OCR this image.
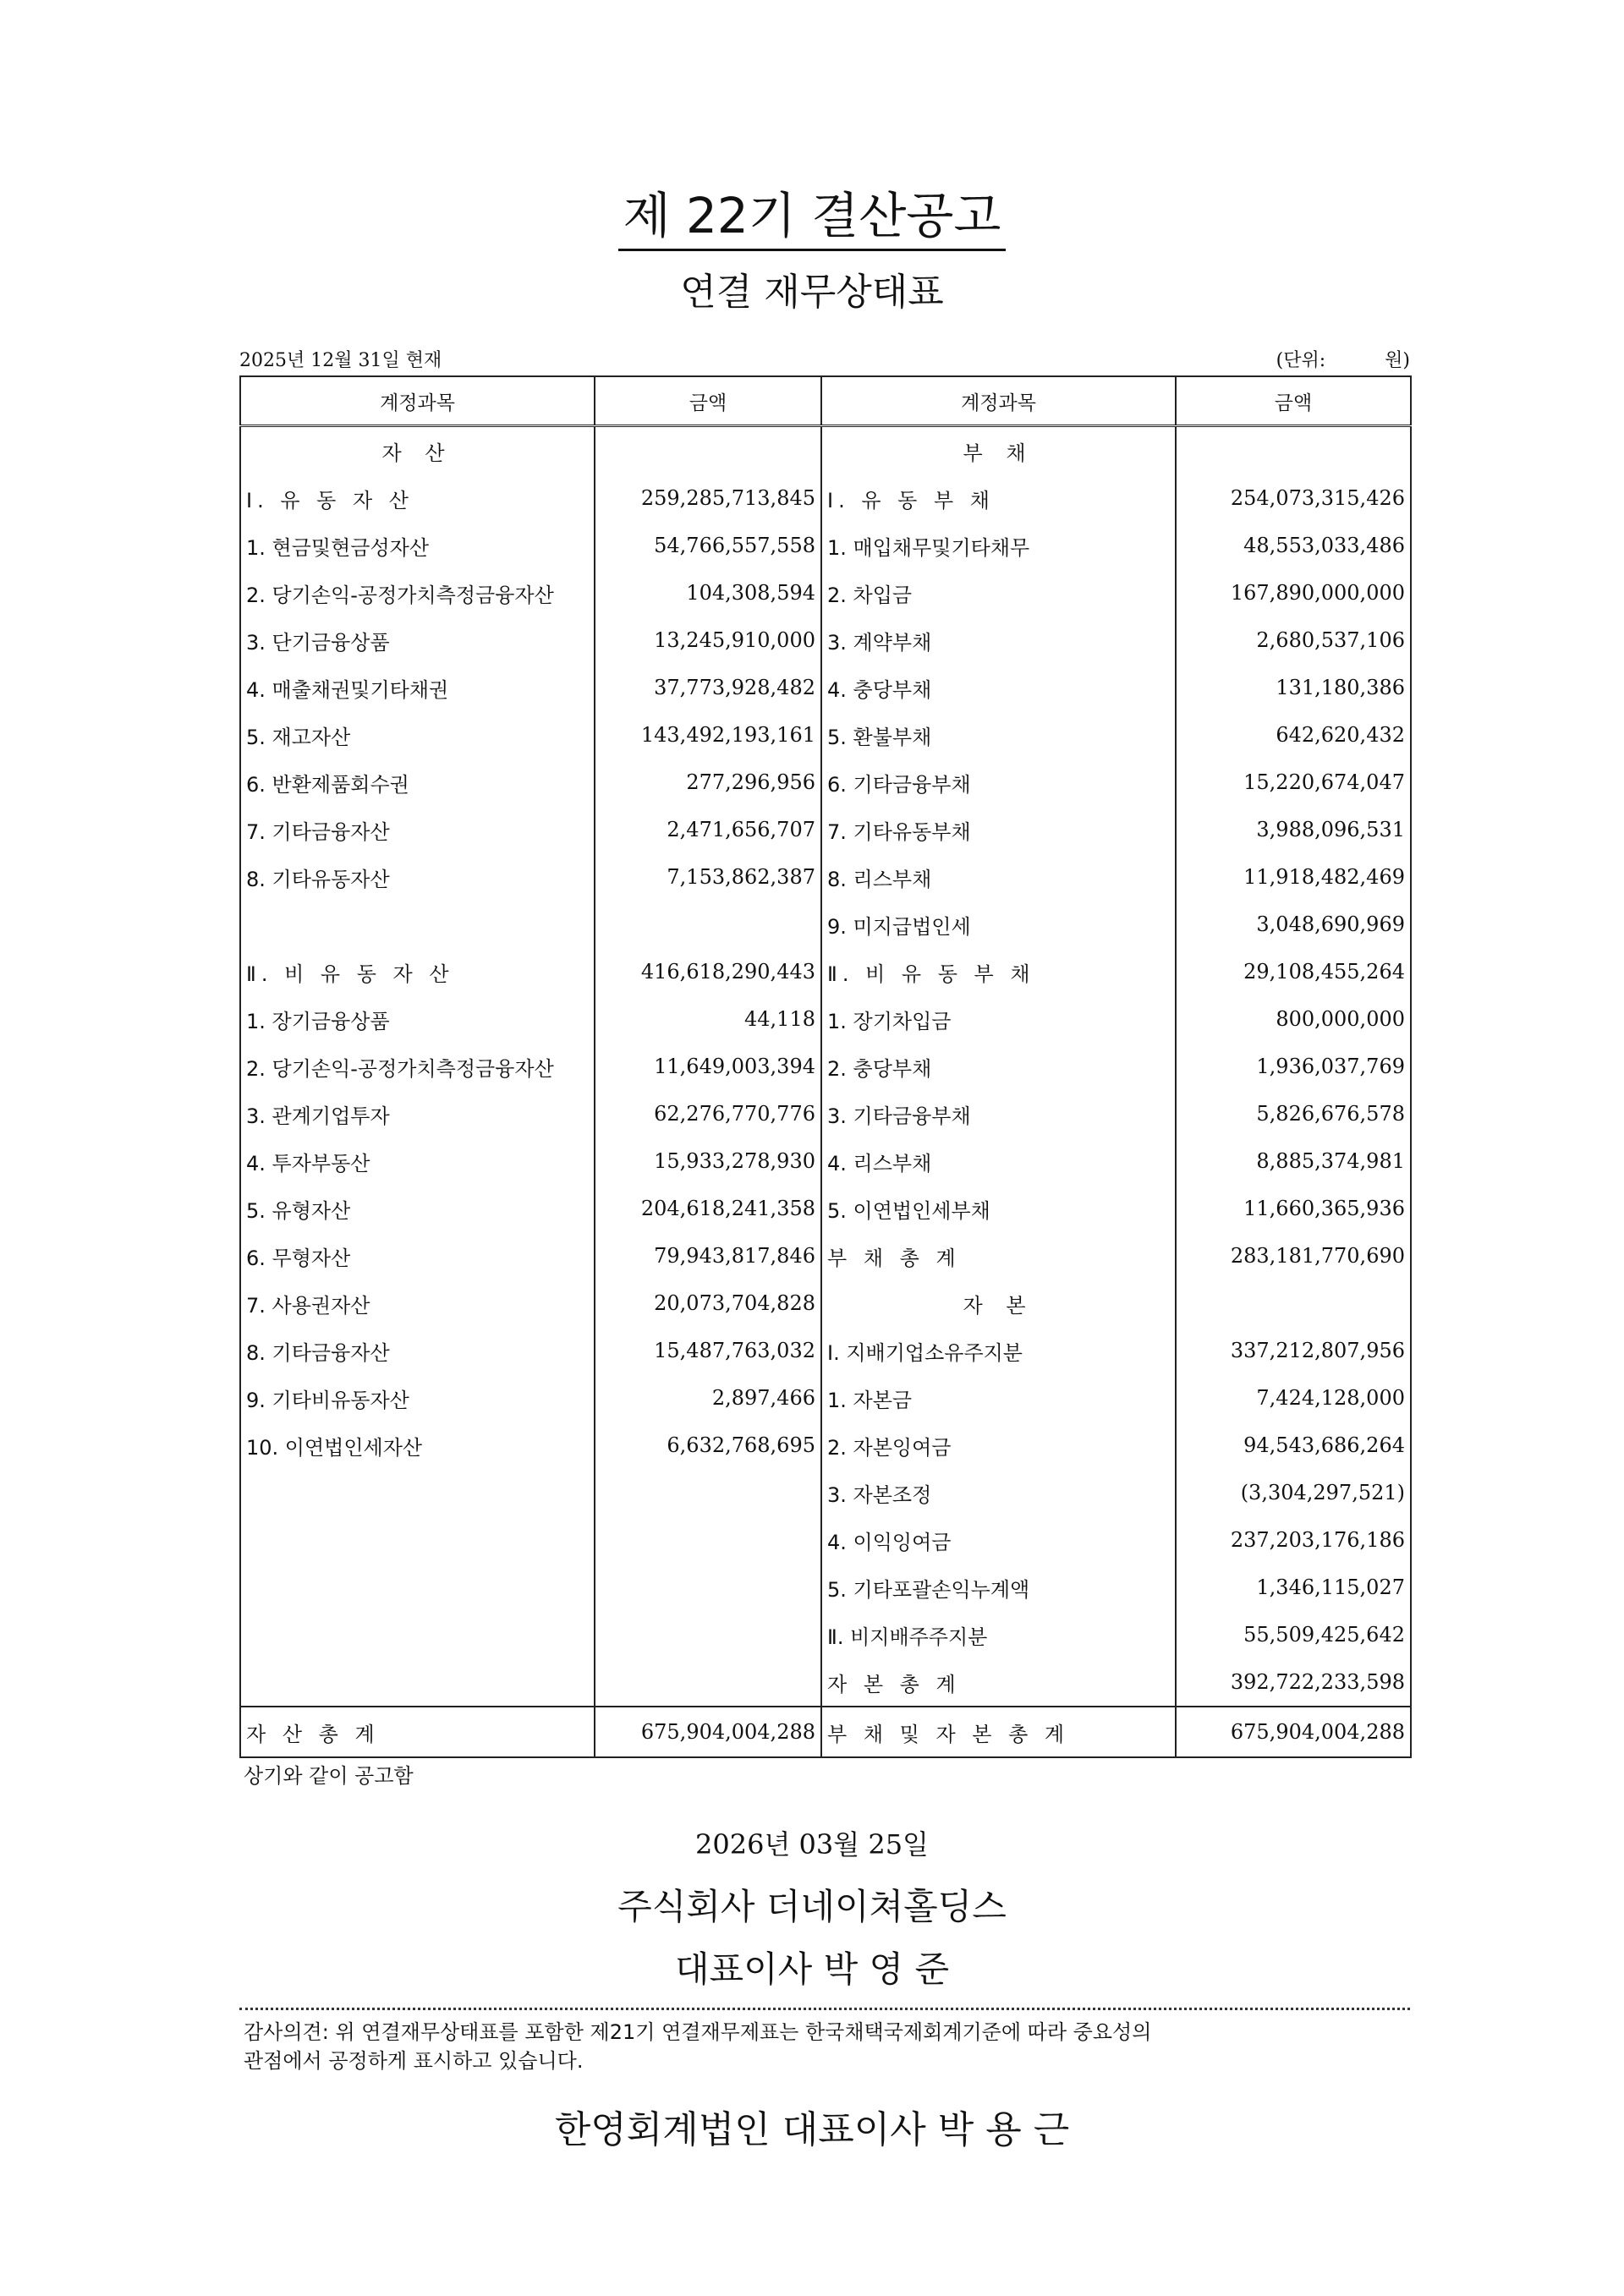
제 22기 결산공고
연결 재무상태표
2025년 12월 31일 현재	(단위:	원)
계정과목	금액	계정과목	금액
자 산		부 채	
Ⅰ. 유 동 자 산	259,285,713,845	Ⅰ. 유 동 부 채	254,073,315,426
1. 현금및현금성자산	54,766,557,558	1. 매입채무및기타채무	48,553,033,486
2. 당기손익-공정가치측정금융자산	104,308,594	2. 차입금	167,890,000,000
3. 단기금융상품	13,245,910,000	3. 계약부채	2,680,537,106
4. 매출채권및기타채권	37,773,928,482	4. 충당부채	131,180,386
5. 재고자산	143,492,193,161	5. 환불부채	642,620,432
6. 반환제품회수권	277,296,956	6. 기타금융부채	15,220,674,047
7. 기타금융자산	2,471,656,707	7. 기타유동부채	3,988,096,531
8. 기타유동자산	7,153,862,387	8. 리스부채	11,918,482,469
		9. 미지급법인세	3,048,690,969
Ⅱ. 비 유 동 자 산	416,618,290,443	Ⅱ. 비 유 동 부 채	29,108,455,264
1. 장기금융상품	44,118	1. 장기차입금	800,000,000
2. 당기손익-공정가치측정금융자산	11,649,003,394	2. 충당부채	1,936,037,769
3. 관계기업투자	62,276,770,776	3. 기타금융부채	5,826,676,578
4. 투자부동산	15,933,278,930	4. 리스부채	8,885,374,981
5. 유형자산	204,618,241,358	5. 이연법인세부채	11,660,365,936
6. 무형자산	79,943,817,846	부 채 총 계	283,181,770,690
7. 사용권자산	20,073,704,828	자 본	
8. 기타금융자산	15,487,763,032	Ⅰ. 지배기업소유주지분	337,212,807,956
9. 기타비유동자산	2,897,466	1. 자본금	7,424,128,000
10. 이연법인세자산	6,632,768,695	2. 자본잉여금	94,543,686,264
		3. 자본조정	(3,304,297,521)
		4. 이익잉여금	237,203,176,186
		5. 기타포괄손익누계액	1,346,115,027
		Ⅱ. 비지배주주지분	55,509,425,642
		자 본 총 계	392,722,233,598
자 산 총 계	675,904,004,288	부 채 및 자 본 총 계	675,904,004,288
상기와 같이 공고함
2026년 03월 25일
주식회사 더네이쳐홀딩스
대표이사 박 영 준
감사의견: 위 연결재무상태표를 포함한 제21기 연결재무제표는 한국채택국제회계기준에 따라 중요성의
관점에서 공정하게 표시하고 있습니다.
한영회계법인 대표이사 박 용 근
